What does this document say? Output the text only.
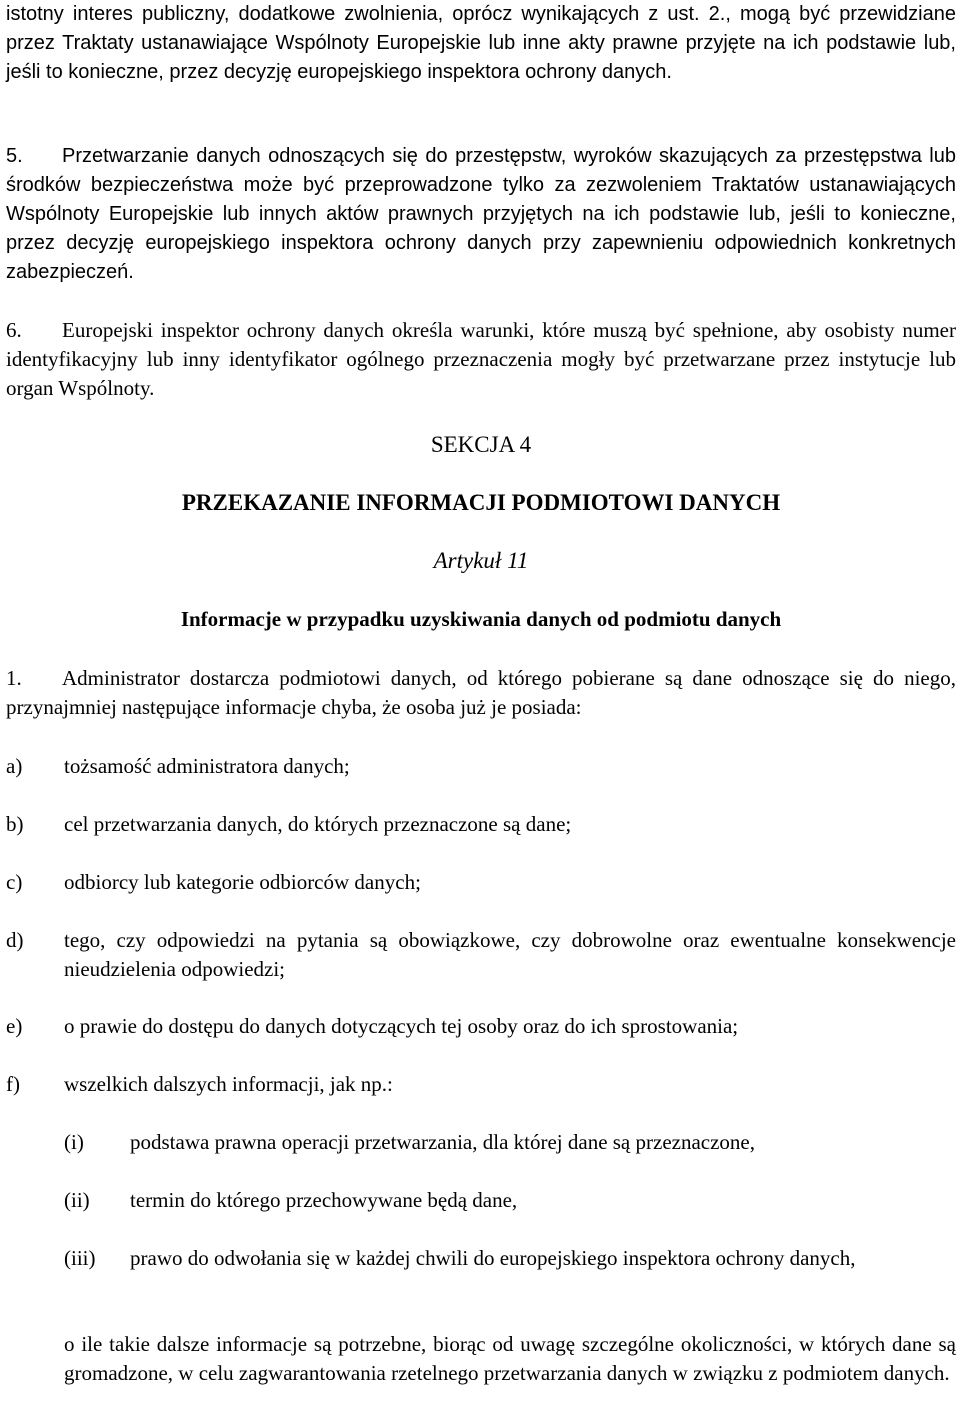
istotny interes publiczny, dodatkowe zwolnienia, oprócz wynikających z ust. 2., mogą być przewidziane przez Traktaty ustanawiające Wspólnoty Europejskie lub inne akty prawne przyjęte na ich podstawie lub, jeśli to konieczne, przez decyzję europejskiego inspektora ochrony danych.

5. Przetwarzanie danych odnoszących się do przestępstw, wyroków skazujących za przestępstwa lub środków bezpieczeństwa może być przeprowadzone tylko za zezwoleniem Traktatów ustanawiających Wspólnoty Europejskie lub innych aktów prawnych przyjętych na ich podstawie lub, jeśli to konieczne, przez decyzję europejskiego inspektora ochrony danych przy zapewnieniu odpowiednich konkretnych zabezpieczeń.

6. Europejski inspektor ochrony danych określa warunki, które muszą być spełnione, aby osobisty numer identyfikacyjny lub inny identyfikator ogólnego przeznaczenia mogły być przetwarzane przez instytucje lub organ Wspólnoty.

SEKCJA 4
PRZEKAZANIE INFORMACJI PODMIOTOWI DANYCH
Artykuł 11
Informacje w przypadku uzyskiwania danych od podmiotu danych

1. Administrator dostarcza podmiotowi danych, od którego pobierane są dane odnoszące się do niego, przynajmniej następujące informacje chyba, że osoba już je posiada:

a) tożsamość administratora danych;
b) cel przetwarzania danych, do których przeznaczone są dane;
c) odbiorcy lub kategorie odbiorców danych;
d) tego, czy odpowiedzi na pytania są obowiązkowe, czy dobrowolne oraz ewentualne konsekwencje nieudzielenia odpowiedzi;
e) o prawie do dostępu do danych dotyczących tej osoby oraz do ich sprostowania;
f) wszelkich dalszych informacji, jak np.:
(i) podstawa prawna operacji przetwarzania, dla której dane są przeznaczone,
(ii) termin do którego przechowywane będą dane,
(iii) prawo do odwołania się w każdej chwili do europejskiego inspektora ochrony danych,

o ile takie dalsze informacje są potrzebne, biorąc od uwagę szczególne okoliczności, w których dane są gromadzone, w celu zagwarantowania rzetelnego przetwarzania danych w związku z podmiotem danych.
